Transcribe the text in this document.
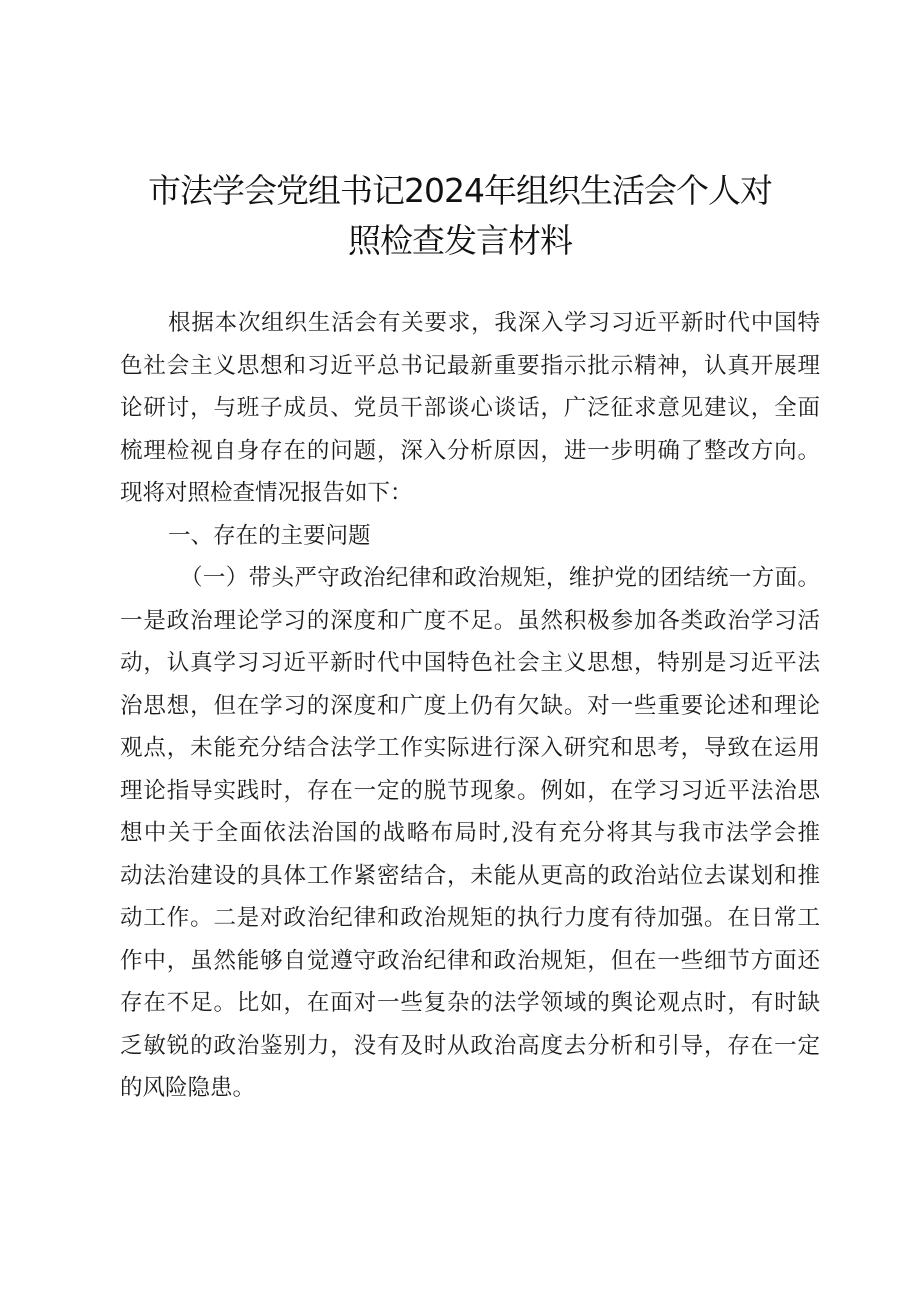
市法学会党组书记2024年组织生活会个人对
照检查发言材料
根据本次组织生活会有关要求，我深入学习习近平新时代中国特
色社会主义思想和习近平总书记最新重要指示批示精神，认真开展理
论研讨，与班子成员、党员干部谈心谈话，广泛征求意见建议，全面
梳理检视自身存在的问题，深入分析原因，进一步明确了整改方向。
现将对照检查情况报告如下：
一、存在的主要问题
（一）带头严守政治纪律和政治规矩，维护党的团结统一方面。
一是政治理论学习的深度和广度不足。虽然积极参加各类政治学习活
动，认真学习习近平新时代中国特色社会主义思想，特别是习近平法
治思想，但在学习的深度和广度上仍有欠缺。对一些重要论述和理论
观点，未能充分结合法学工作实际进行深入研究和思考，导致在运用
理论指导实践时，存在一定的脱节现象。例如，在学习习近平法治思
想中关于全面依法治国的战略布局时,没有充分将其与我市法学会推
动法治建设的具体工作紧密结合，未能从更高的政治站位去谋划和推
动工作。二是对政治纪律和政治规矩的执行力度有待加强。在日常工
作中，虽然能够自觉遵守政治纪律和政治规矩，但在一些细节方面还
存在不足。比如，在面对一些复杂的法学领域的舆论观点时，有时缺
乏敏锐的政治鉴别力，没有及时从政治高度去分析和引导，存在一定
的风险隐患。
